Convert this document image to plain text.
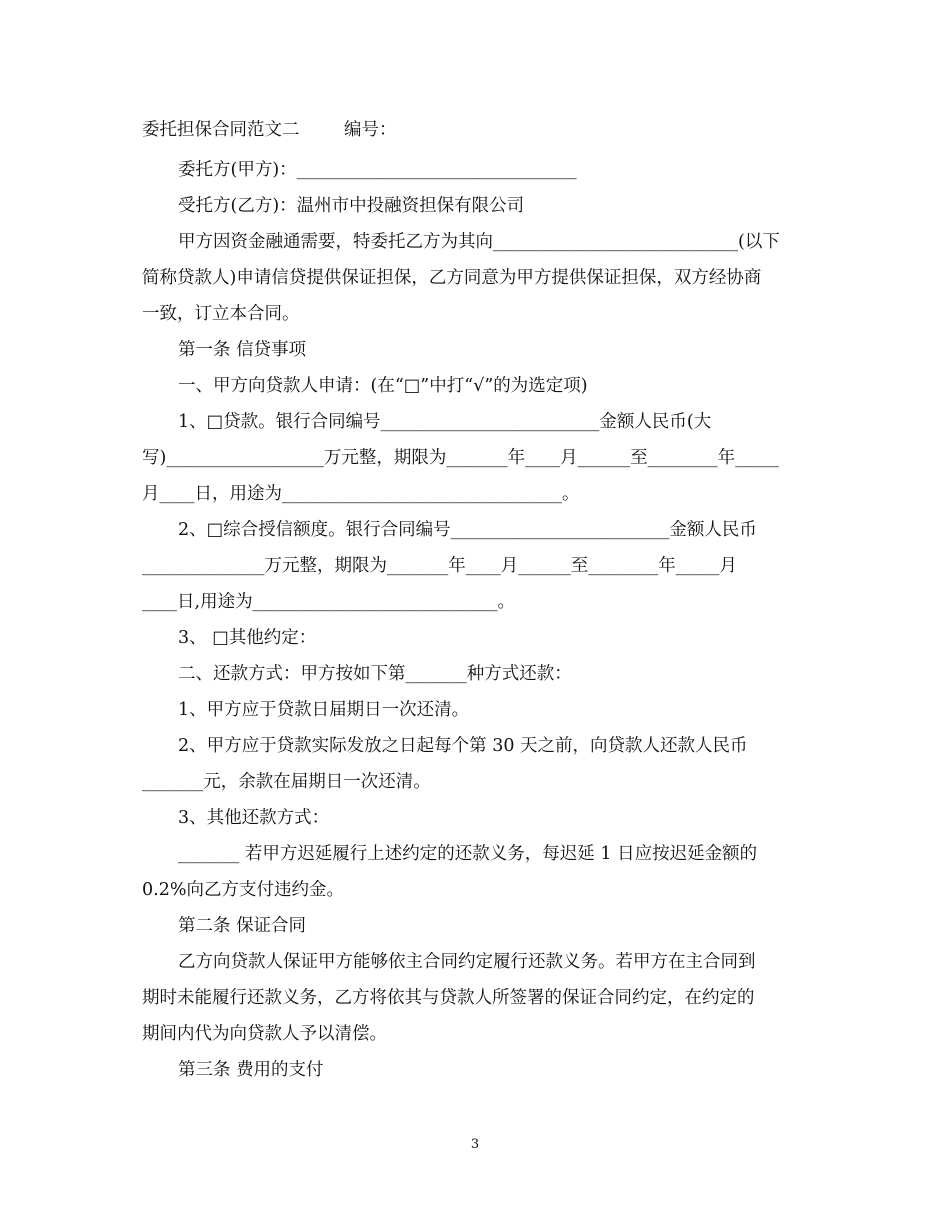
委托担保合同范文二	编号：
委托方(甲方)：________________________________
受托方(乙方)：温州市中投融资担保有限公司
甲方因资金融通需要，特委托乙方为其向____________________________(以下
简称贷款人)申请信贷提供保证担保，乙方同意为甲方提供保证担保，双方经协商
一致，订立本合同。
第一条 信贷事项
一、甲方向贷款人申请：(在“□”中打“√”的为选定项)
1、□贷款。银行合同编号_________________________金额人民币(大
写)__________________万元整，期限为_______年____月______至________年_____
月____日，用途为________________________________。
2、□综合授信额度。银行合同编号_________________________金额人民币
______________万元整，期限为_______年____月______至________年_____月
____日,用途为____________________________。
3、 □其他约定：
二、还款方式：甲方按如下第_______种方式还款：
1、甲方应于贷款日届期日一次还清。
2、甲方应于贷款实际发放之日起每个第 30 天之前，向贷款人还款人民币
_______元，余款在届期日一次还清。
3、其他还款方式：
_______ 若甲方迟延履行上述约定的还款义务，每迟延 1 日应按迟延金额的
0.2%向乙方支付违约金。
第二条 保证合同
乙方向贷款人保证甲方能够依主合同约定履行还款义务。若甲方在主合同到
期时未能履行还款义务，乙方将依其与贷款人所签署的保证合同约定，在约定的
期间内代为向贷款人予以清偿。
第三条 费用的支付
3
